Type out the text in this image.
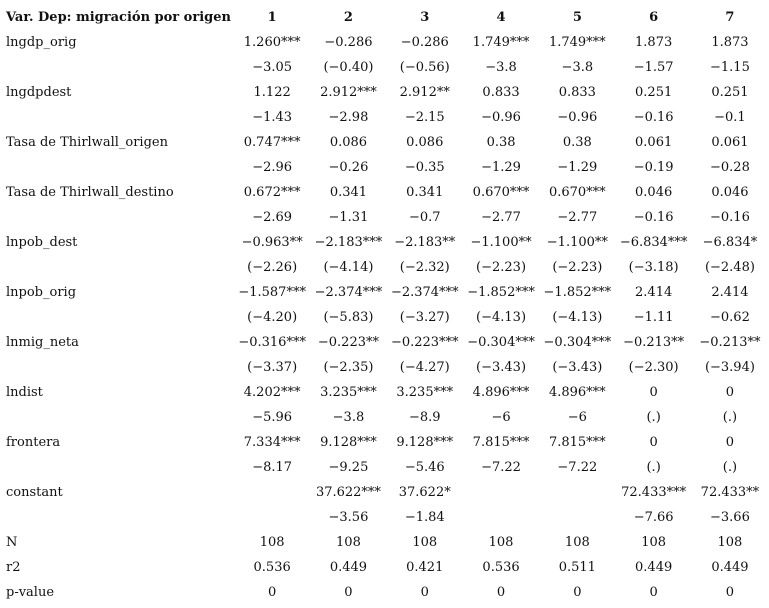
Var. Dep: migración por origen	1	2	3	4	5	6	7
lngdp_orig	1.260***	−0.286	−0.286	1.749***	1.749***	1.873	1.873
	−3.05	(−0.40)	(−0.56)	−3.8	−3.8	−1.57	−1.15
lngdpdest	1.122	2.912***	2.912**	0.833	0.833	0.251	0.251
	−1.43	−2.98	−2.15	−0.96	−0.96	−0.16	−0.1
Tasa de Thirlwall_origen	0.747***	0.086	0.086	0.38	0.38	0.061	0.061
	−2.96	−0.26	−0.35	−1.29	−1.29	−0.19	−0.28
Tasa de Thirlwall_destino	0.672***	0.341	0.341	0.670***	0.670***	0.046	0.046
	−2.69	−1.31	−0.7	−2.77	−2.77	−0.16	−0.16
lnpob_dest	−0.963**	−2.183***	−2.183**	−1.100**	−1.100**	−6.834***	−6.834*
	(−2.26)	(−4.14)	(−2.32)	(−2.23)	(−2.23)	(−3.18)	(−2.48)
lnpob_orig	−1.587***	−2.374***	−2.374***	−1.852***	−1.852***	2.414	2.414
	(−4.20)	(−5.83)	(−3.27)	(−4.13)	(−4.13)	−1.11	−0.62
lnmig_neta	−0.316***	−0.223**	−0.223***	−0.304***	−0.304***	−0.213**	−0.213**
	(−3.37)	(−2.35)	(−4.27)	(−3.43)	(−3.43)	(−2.30)	(−3.94)
lndist	4.202***	3.235***	3.235***	4.896***	4.896***	0	0
	−5.96	−3.8	−8.9	−6	−6	(.)	(.)
frontera	7.334***	9.128***	9.128***	7.815***	7.815***	0	0
	−8.17	−9.25	−5.46	−7.22	−7.22	(.)	(.)
constant		37.622***	37.622*			72.433***	72.433**
		−3.56	−1.84			−7.66	−3.66
N	108	108	108	108	108	108	108
r2	0.536	0.449	0.421	0.536	0.511	0.449	0.449
p-value	0	0	0	0	0	0	0
